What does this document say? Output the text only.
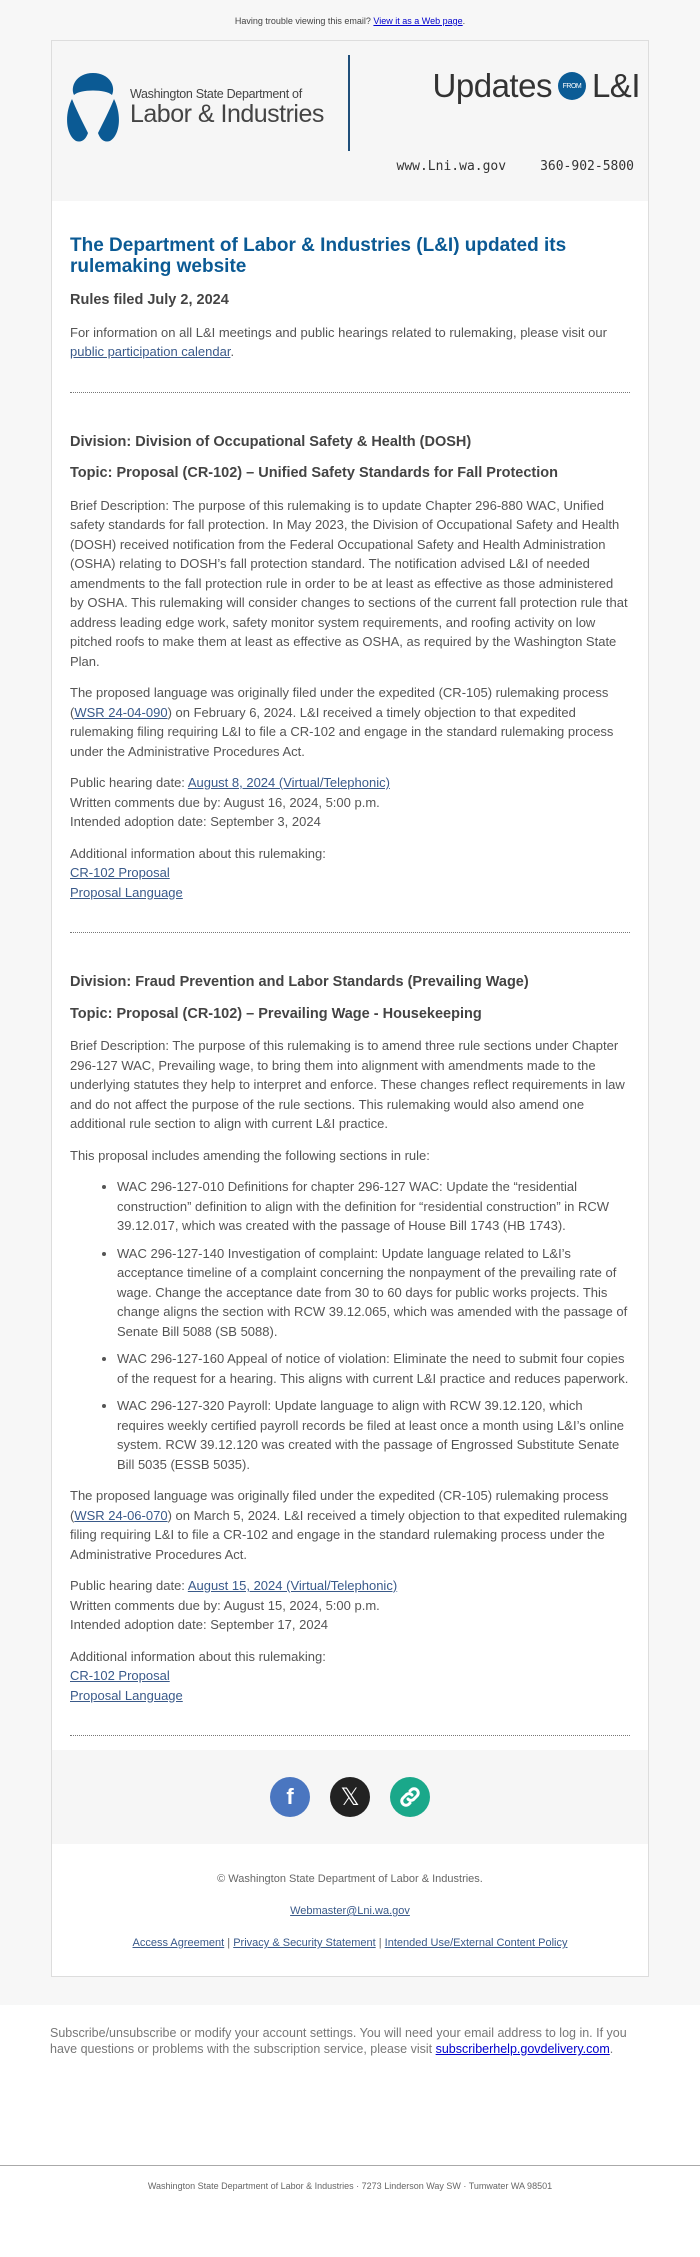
Having trouble viewing this email? View it as a Web page.
Washington State Department of
Labor & Industries
Updates	FROM L&I
www.Lni.wa.gov	360-902-5800
The Department of Labor & Industries (L&I) updated its rulemaking website
Rules filed July 2, 2024

For information on all L&I meetings and public hearings related to rulemaking, please visit our public participation calendar.

Division: Division of Occupational Safety & Health (DOSH)
Topic: Proposal (CR-102) – Unified Safety Standards for Fall Protection

Brief Description: The purpose of this rulemaking is to update Chapter 296-880 WAC, Unified safety standards for fall protection. In May 2023, the Division of Occupational Safety and Health (DOSH) received notification from the Federal Occupational Safety and Health Administration (OSHA) relating to DOSH’s fall protection standard. The notification advised L&I of needed amendments to the fall protection rule in order to be at least as effective as those administered by OSHA. This rulemaking will consider changes to sections of the current fall protection rule that address leading edge work, safety monitor system requirements, and roofing activity on low pitched roofs to make them at least as effective as OSHA, as required by the Washington State Plan.

The proposed language was originally filed under the expedited (CR-105) rulemaking process (WSR 24-04-090) on February 6, 2024. L&I received a timely objection to that expedited rulemaking filing requiring L&I to file a CR-102 and engage in the standard rulemaking process under the Administrative Procedures Act.

Public hearing date: August 8, 2024 (Virtual/Telephonic)
Written comments due by: August 16, 2024, 5:00 p.m.
Intended adoption date: September 3, 2024

Additional information about this rulemaking:
CR-102 Proposal
Proposal Language

Division: Fraud Prevention and Labor Standards (Prevailing Wage)
Topic: Proposal (CR-102) – Prevailing Wage - Housekeeping

Brief Description: The purpose of this rulemaking is to amend three rule sections under Chapter 296-127 WAC, Prevailing wage, to bring them into alignment with amendments made to the underlying statutes they help to interpret and enforce. These changes reflect requirements in law and do not affect the purpose of the rule sections. This rulemaking would also amend one additional rule section to align with current L&I practice.

This proposal includes amending the following sections in rule:

• WAC 296-127-010 Definitions for chapter 296-127 WAC: Update the “residential construction” definition to align with the definition for “residential construction” in RCW 39.12.017, which was created with the passage of House Bill 1743 (HB 1743).
• WAC 296-127-140 Investigation of complaint: Update language related to L&I’s acceptance timeline of a complaint concerning the nonpayment of the prevailing rate of wage. Change the acceptance date from 30 to 60 days for public works projects. This change aligns the section with RCW 39.12.065, which was amended with the passage of Senate Bill 5088 (SB 5088).
• WAC 296-127-160 Appeal of notice of violation: Eliminate the need to submit four copies of the request for a hearing. This aligns with current L&I practice and reduces paperwork.
• WAC 296-127-320 Payroll: Update language to align with RCW 39.12.120, which requires weekly certified payroll records be filed at least once a month using L&I’s online system. RCW 39.12.120 was created with the passage of Engrossed Substitute Senate Bill 5035 (ESSB 5035).

The proposed language was originally filed under the expedited (CR-105) rulemaking process (WSR 24-06-070) on March 5, 2024. L&I received a timely objection to that expedited rulemaking filing requiring L&I to file a CR-102 and engage in the standard rulemaking process under the Administrative Procedures Act.

Public hearing date: August 15, 2024 (Virtual/Telephonic)
Written comments due by: August 15, 2024, 5:00 p.m.
Intended adoption date: September 17, 2024

Additional information about this rulemaking:
CR-102 Proposal
Proposal Language

f	𝕏

© Washington State Department of Labor & Industries.

Webmaster@Lni.wa.gov

Access Agreement | Privacy & Security Statement | Intended Use/External Content Policy

Subscribe/unsubscribe or modify your account settings. You will need your email address to log in. If you have questions or problems with the subscription service, please visit subscriberhelp.govdelivery.com.
Washington State Department of Labor & Industries · 7273 Linderson Way SW · Tumwater WA 98501
